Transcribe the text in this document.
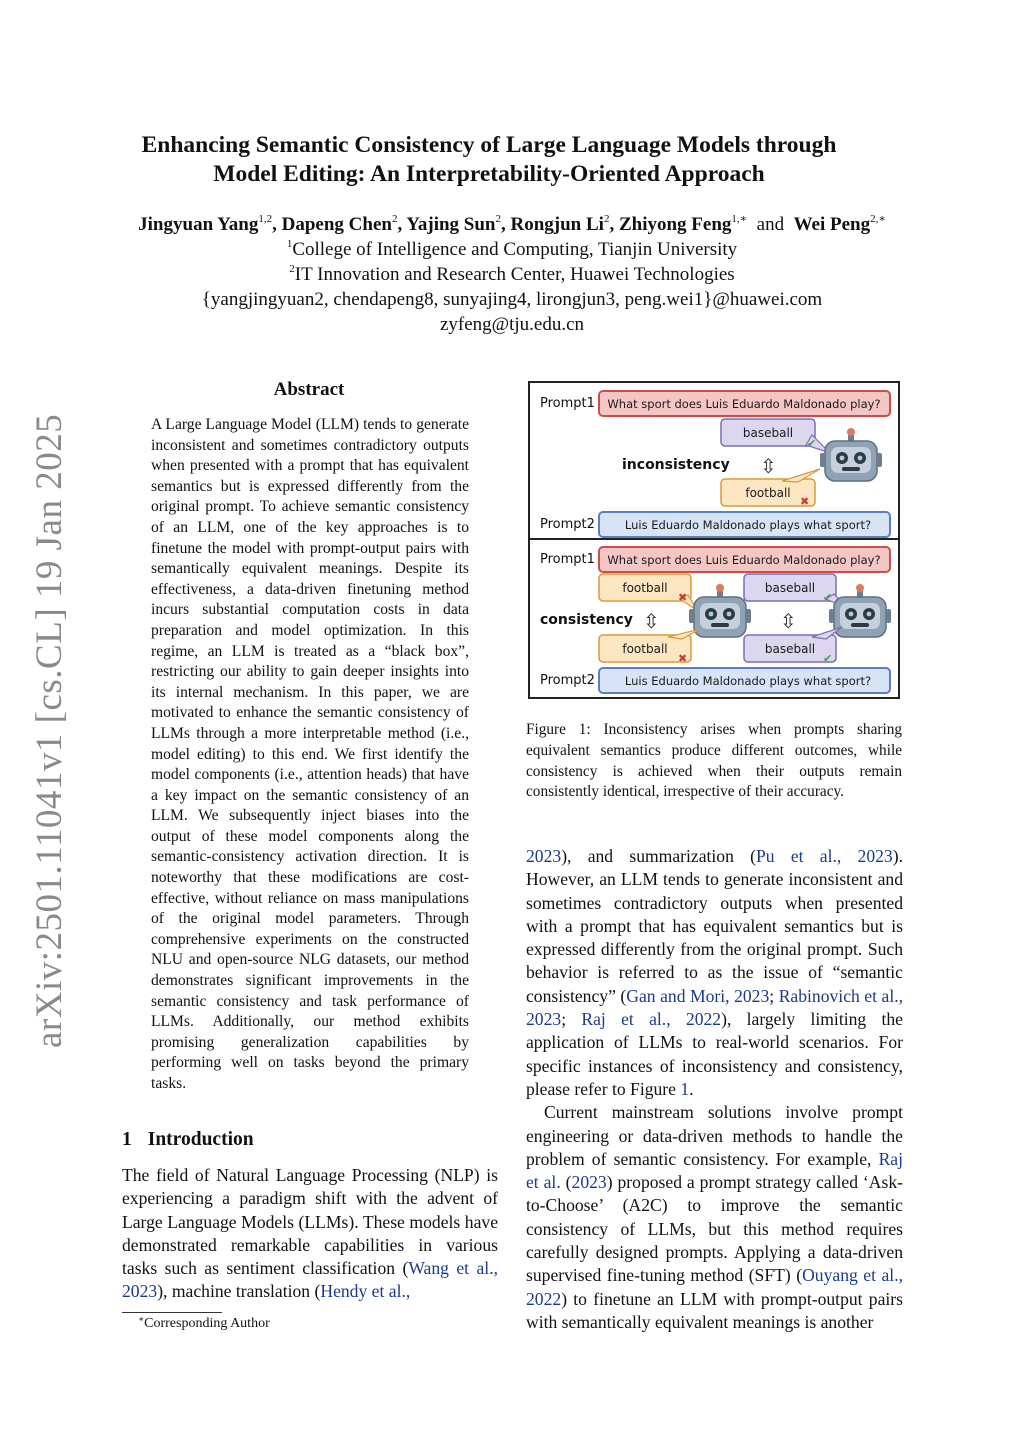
arXiv:2501.11041v1 [cs.CL] 19 Jan 2025
Enhancing Semantic Consistency of Large Language Models through
Model Editing: An Interpretability-Oriented Approach
Jingyuan Yang$^{1,2}$, Dapeng Chen$^2$, Yajing Sun$^2$, Rongjun Li$^2$, Zhiyong Feng$^{1,∗}$ and Wei Peng$^{2,∗}$
$^1$College of Intelligence and Computing, Tianjin University
$^2$IT Innovation and Research Center, Huawei Technologies
{yangjingyuan2, chendapeng8, sunyajing4, lirongjun3, peng.wei1}@huawei.com
zyfeng@tju.edu.cn
Abstract

A Large Language Model (LLM) tends to generate inconsistent and sometimes contradictory outputs when presented with a prompt that has equivalent semantics but is expressed differently from the original prompt. To achieve semantic consistency of an LLM, one of the key approaches is to finetune the model with prompt-output pairs with semantically equivalent meanings. Despite its effectiveness, a data-driven finetuning method incurs substantial computation costs in data preparation and model optimization. In this regime, an LLM is treated as a “black box”, restricting our ability to gain deeper insights into its internal mechanism. In this paper, we are motivated to enhance the semantic consistency of LLMs through a more interpretable method (i.e., model editing) to this end. We first identify the model components (i.e., attention heads) that have a key impact on the semantic consistency of an LLM. We subsequently inject biases into the output of these model components along the semantic-consistency activation direction. It is noteworthy that these modifications are cost-effective, without reliance on mass manipulations of the original model parameters. Through comprehensive experiments on the constructed NLU and open-source NLG datasets, our method demonstrates significant improvements in the semantic consistency and task performance of LLMs. Additionally, our method exhibits promising generalization capabilities by performing well on tasks beyond the primary tasks.

1 Introduction

The field of Natural Language Processing (NLP) is experiencing a paradigm shift with the advent of Large Language Models (LLMs). These models have demonstrated remarkable capabilities in various tasks such as sentiment classification (Wang et al., 2023), machine translation (Hendy et al.,

∗Corresponding Author

Prompt1 What sport does Luis Eduardo Maldonado play?
baseball
✔
inconsistency ⇳
football
✖
Prompt2	Luis Eduardo Maldonado plays what sport?
Prompt1 What sport does Luis Eduardo Maldonado play?
football
✖
baseball
✔
consistency ⇳	⇳
football
✖
baseball
✔
Prompt2	Luis Eduardo Maldonado plays what sport?

Figure 1: Inconsistency arises when prompts sharing equivalent semantics produce different outcomes, while consistency is achieved when their outputs remain consistently identical, irrespective of their accuracy.

2023), and summarization (Pu et al., 2023). However, an LLM tends to generate inconsistent and sometimes contradictory outputs when presented with a prompt that has equivalent semantics but is expressed differently from the original prompt. Such behavior is referred to as the issue of “semantic consistency” (Gan and Mori, 2023; Rabinovich et al., 2023; Raj et al., 2022), largely limiting the application of LLMs to real-world scenarios. For specific instances of inconsistency and consistency, please refer to Figure 1.

Current mainstream solutions involve prompt engineering or data-driven methods to handle the problem of semantic consistency. For example, Raj et al. (2023) proposed a prompt strategy called ‘Ask-to-Choose’ (A2C) to improve the semantic consistency of LLMs, but this method requires carefully designed prompts. Applying a data-driven supervised fine-tuning method (SFT) (Ouyang et al., 2022) to finetune an LLM with prompt-output pairs with semantically equivalent meanings is another
